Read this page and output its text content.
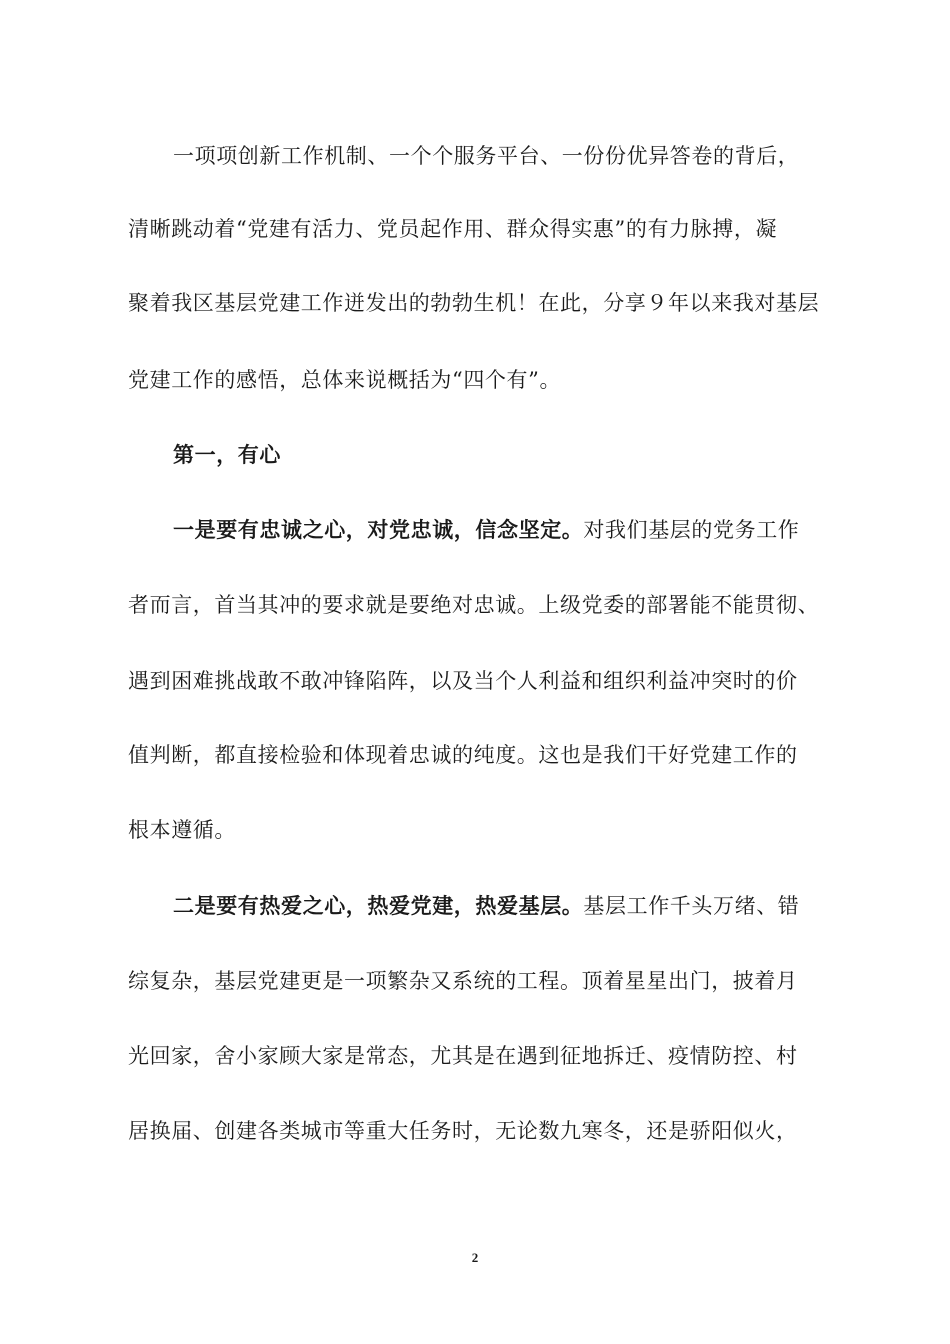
一项项创新工作机制、一个个服务平台、一份份优异答卷的背后，
清晰跳动着“党建有活力、党员起作用、群众得实惠”的有力脉搏，凝
聚着我区基层党建工作迸发出的勃勃生机！在此，分享９年以来我对基层
党建工作的感悟，总体来说概括为“四个有”。
第一，有心
一是要有忠诚之心，对党忠诚，信念坚定。对我们基层的党务工作
者而言，首当其冲的要求就是要绝对忠诚。上级党委的部署能不能贯彻、
遇到困难挑战敢不敢冲锋陷阵，以及当个人利益和组织利益冲突时的价
值判断，都直接检验和体现着忠诚的纯度。这也是我们干好党建工作的
根本遵循。
二是要有热爱之心，热爱党建，热爱基层。基层工作千头万绪、错
综复杂，基层党建更是一项繁杂又系统的工程。顶着星星出门，披着月
光回家，舍小家顾大家是常态，尤其是在遇到征地拆迁、疫情防控、村
居换届、创建各类城市等重大任务时，无论数九寒冬，还是骄阳似火，
2
